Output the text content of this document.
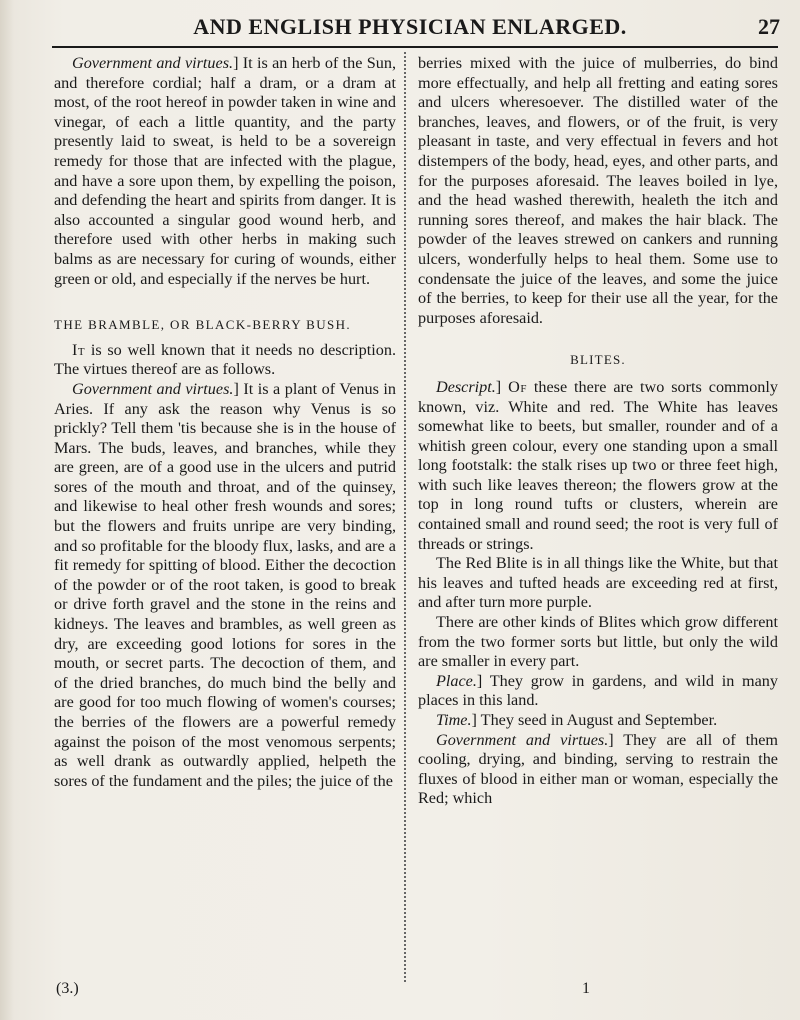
AND ENGLISH PHYSICIAN ENLARGED.	27

Government and virtues.] It is an herb of the Sun, and therefore cordial; half a dram, or a dram at most, of the root hereof in powder taken in wine and vinegar, of each a little quantity, and the party presently laid to sweat, is held to be a sovereign remedy for those that are infected with the plague, and have a sore upon them, by expelling the poison, and defending the heart and spirits from danger. It is also accounted a singular good wound herb, and therefore used with other herbs in making such balms as are necessary for curing of wounds, either green or old, and especially if the nerves be hurt.

THE BRAMBLE, OR BLACK-BERRY BUSH.

It is so well known that it needs no description. The virtues thereof are as follows.

Government and virtues.] It is a plant of Venus in Aries. If any ask the reason why Venus is so prickly? Tell them 'tis because she is in the house of Mars. The buds, leaves, and branches, while they are green, are of a good use in the ulcers and putrid sores of the mouth and throat, and of the quinsey, and likewise to heal other fresh wounds and sores; but the flowers and fruits unripe are very binding, and so profitable for the bloody flux, lasks, and are a fit remedy for spitting of blood. Either the decoction of the powder or of the root taken, is good to break or drive forth gravel and the stone in the reins and kidneys. The leaves and brambles, as well green as dry, are exceeding good lotions for sores in the mouth, or secret parts. The decoction of them, and of the dried branches, do much bind the belly and are good for too much flowing of women's courses; the berries of the flowers are a powerful remedy against the poison of the most venomous serpents; as well drank as outwardly applied, helpeth the sores of the fundament and the piles; the juice of the

berries mixed with the juice of mulberries, do bind more effectually, and help all fretting and eating sores and ulcers wheresoever. The distilled water of the branches, leaves, and flowers, or of the fruit, is very pleasant in taste, and very effectual in fevers and hot distempers of the body, head, eyes, and other parts, and for the purposes aforesaid. The leaves boiled in lye, and the head washed therewith, healeth the itch and running sores thereof, and makes the hair black. The powder of the leaves strewed on cankers and running ulcers, wonderfully helps to heal them. Some use to condensate the juice of the leaves, and some the juice of the berries, to keep for their use all the year, for the purposes aforesaid.

BLITES.

Descript.] Of these there are two sorts commonly known, viz. White and red. The White has leaves somewhat like to beets, but smaller, rounder and of a whitish green colour, every one standing upon a small long footstalk: the stalk rises up two or three feet high, with such like leaves thereon; the flowers grow at the top in long round tufts or clusters, wherein are contained small and round seed; the root is very full of threads or strings.

The Red Blite is in all things like the White, but that his leaves and tufted heads are exceeding red at first, and after turn more purple.

There are other kinds of Blites which grow different from the two former sorts but little, but only the wild are smaller in every part.

Place.] They grow in gardens, and wild in many places in this land.

Time.] They seed in August and September.

Government and virtues.] They are all of them cooling, drying, and binding, serving to restrain the fluxes of blood in either man or woman, especially the Red; which

(3.)	1
